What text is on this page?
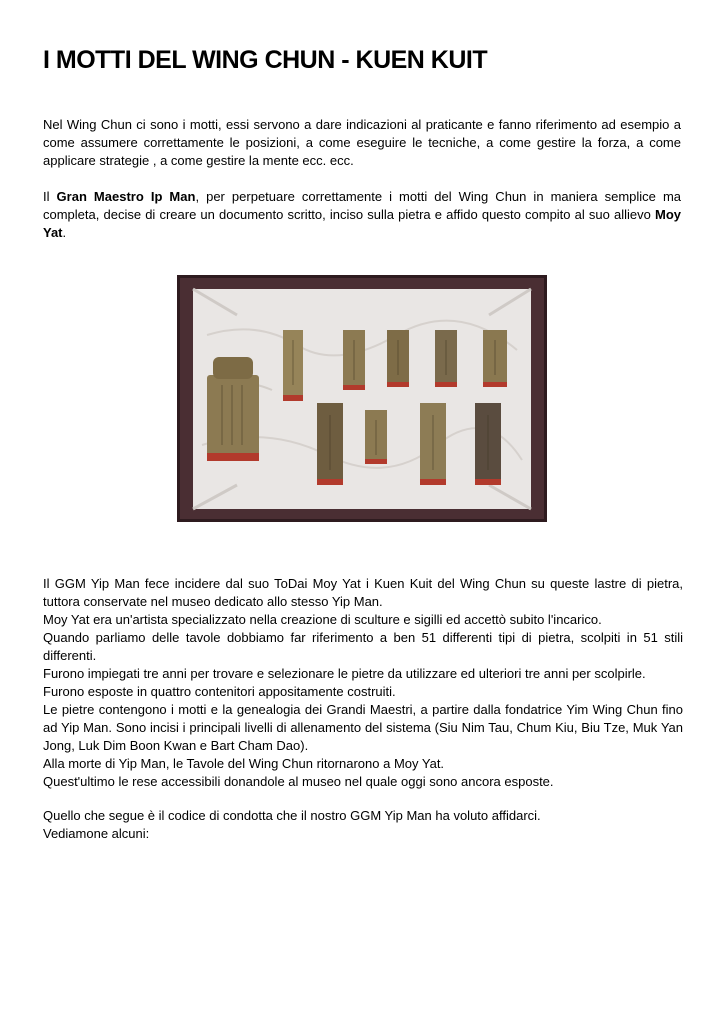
I MOTTI DEL WING CHUN - KUEN KUIT

Nel Wing Chun ci sono i motti, essi servono a dare indicazioni al praticante e fanno riferimento ad esempio a come assumere correttamente le posizioni, a come eseguire le tecniche, a come gestire la forza, a come applicare strategie , a come gestire la mente ecc. ecc.

Il Gran Maestro Ip Man, per perpetuare correttamente i motti del Wing Chun in maniera semplice ma completa, decise di creare un documento scritto, inciso sulla pietra e affido questo compito al suo allievo Moy Yat.

Il GGM Yip Man fece incidere dal suo ToDai Moy Yat i Kuen Kuit del Wing Chun su queste lastre di pietra, tuttora conservate nel museo dedicato allo stesso Yip Man.
Moy Yat era un'artista specializzato nella creazione di sculture e sigilli ed accettò subito l'incarico.
Quando parliamo delle tavole dobbiamo far riferimento a ben 51 differenti tipi di pietra, scolpiti in 51 stili differenti.
Furono impiegati tre anni per trovare e selezionare le pietre da utilizzare ed ulteriori tre anni per scolpirle.
Furono esposte in quattro contenitori appositamente costruiti.
Le pietre contengono i motti e la genealogia dei Grandi Maestri, a partire dalla fondatrice Yim Wing Chun fino ad Yip Man. Sono incisi i principali livelli di allenamento del sistema (Siu Nim Tau, Chum Kiu, Biu Tze, Muk Yan Jong, Luk Dim Boon Kwan e Bart Cham Dao).
Alla morte di Yip Man, le Tavole del Wing Chun ritornarono a Moy Yat.
Quest'ultimo le rese accessibili donandole al museo nel quale oggi sono ancora esposte.
Quello che segue è il codice di condotta che il nostro GGM Yip Man ha voluto affidarci.
Vediamone alcuni:
